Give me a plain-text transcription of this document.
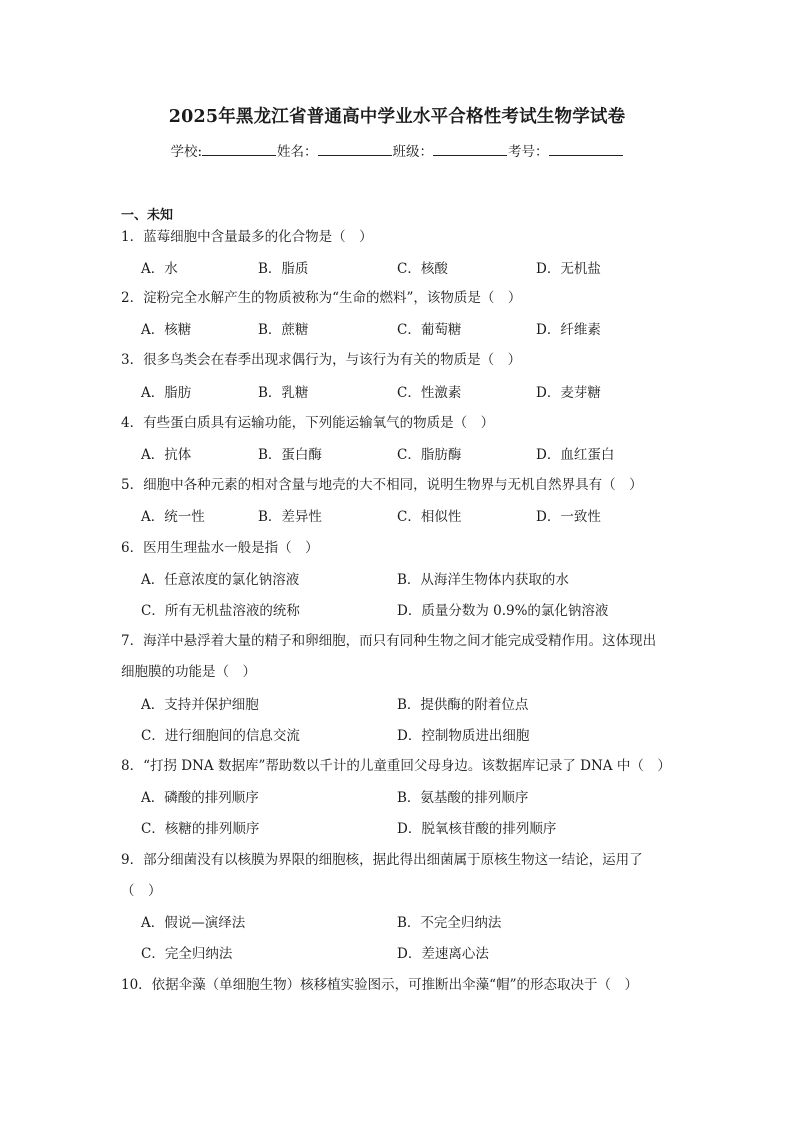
2025年黑龙江省普通高中学业水平合格性考试生物学试卷
学校:	姓名：	班级：	考号：
一、未知
1．蓝莓细胞中含量最多的化合物是（　）
A．水	B．脂质	C．核酸	D．无机盐
2．淀粉完全水解产生的物质被称为“生命的燃料”，该物质是（　）
A．核糖	B．蔗糖	C．葡萄糖	D．纤维素
3．很多鸟类会在春季出现求偶行为，与该行为有关的物质是（　）
A．脂肪	B．乳糖	C．性激素	D．麦芽糖
4．有些蛋白质具有运输功能，下列能运输氧气的物质是（　）
A．抗体	B．蛋白酶	C．脂肪酶	D．血红蛋白
5．细胞中各种元素的相对含量与地壳的大不相同，说明生物界与无机自然界具有（　）
A．统一性	B．差异性	C．相似性	D．一致性
6．医用生理盐水一般是指（　）
A．任意浓度的氯化钠溶液	B．从海洋生物体内获取的水
C．所有无机盐溶液的统称	D．质量分数为 0.9%的氯化钠溶液
7．海洋中悬浮着大量的精子和卵细胞，而只有同种生物之间才能完成受精作用。这体现出细胞膜的功能是（　）
A．支持并保护细胞	B．提供酶的附着位点
C．进行细胞间的信息交流	D．控制物质进出细胞
8．“打拐 DNA 数据库”帮助数以千计的儿童重回父母身边。该数据库记录了 DNA 中（　）
A．磷酸的排列顺序	B．氨基酸的排列顺序
C．核糖的排列顺序	D．脱氧核苷酸的排列顺序
9．部分细菌没有以核膜为界限的细胞核，据此得出细菌属于原核生物这一结论，运用了（　）
A．假说—演绎法	B．不完全归纳法
C．完全归纳法	D．差速离心法
10．依据伞藻（单细胞生物）核移植实验图示，可推断出伞藻“帽”的形态取决于（　）
